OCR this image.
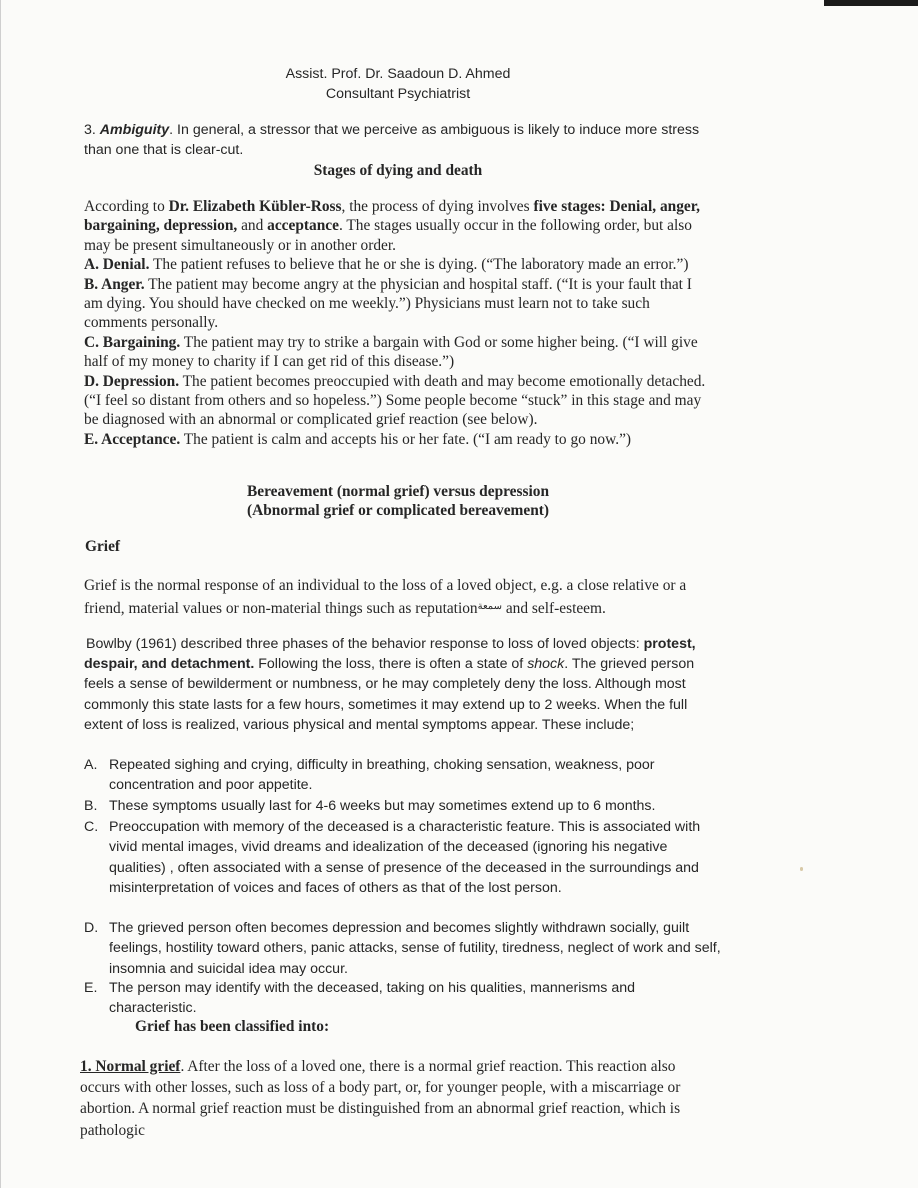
Assist. Prof. Dr. Saadoun D. Ahmed
Consultant Psychiatrist

3. Ambiguity. In general, a stressor that we perceive as ambiguous is likely to induce more stress than one that is clear-cut.

Stages of dying and death
According to Dr. Elizabeth Kübler-Ross, the process of dying involves five stages: Denial, anger, bargaining, depression, and acceptance. The stages usually occur in the following order, but also may be present simultaneously or in another order.
A. Denial. The patient refuses to believe that he or she is dying. (“The laboratory made an error.”)
B. Anger. The patient may become angry at the physician and hospital staff. (“It is your fault that I am dying. You should have checked on me weekly.”) Physicians must learn not to take such comments personally.
C. Bargaining. The patient may try to strike a bargain with God or some higher being. (“I will give half of my money to charity if I can get rid of this disease.”)
D. Depression. The patient becomes preoccupied with death and may become emotionally detached. (“I feel so distant from others and so hopeless.”) Some people become “stuck” in this stage and may be diagnosed with an abnormal or complicated grief reaction (see below).
E. Acceptance. The patient is calm and accepts his or her fate. (“I am ready to go now.”)
Bereavement (normal grief) versus depression
(Abnormal grief or complicated bereavement)
Grief
Grief is the normal response of an individual to the loss of a loved object, e.g. a close relative or a friend, material values or non-material things such as reputation$^{سمعة}$ and self-esteem.
Bowlby (1961) described three phases of the behavior response to loss of loved objects: protest, despair, and detachment. Following the loss, there is often a state of shock. The grieved person feels a sense of bewilderment or numbness, or he may completely deny the loss. Although most commonly this state lasts for a few hours, sometimes it may extend up to 2 weeks. When the full extent of loss is realized, various physical and mental symptoms appear. These include;
A. Repeated sighing and crying, difficulty in breathing, choking sensation, weakness, poor concentration and poor appetite.
B. These symptoms usually last for 4-6 weeks but may sometimes extend up to 6 months.
C. Preoccupation with memory of the deceased is a characteristic feature. This is associated with vivid mental images, vivid dreams and idealization of the deceased (ignoring his negative qualities) , often associated with a sense of presence of the deceased in the surroundings and misinterpretation of voices and faces of others as that of the lost person.
D. The grieved person often becomes depression and becomes slightly withdrawn socially, guilt feelings, hostility toward others, panic attacks, sense of futility, tiredness, neglect of work and self, insomnia and suicidal idea may occur.
E. The person may identify with the deceased, taking on his qualities, mannerisms and characteristic.
Grief has been classified into:
1. Normal grief. After the loss of a loved one, there is a normal grief reaction. This reaction also occurs with other losses, such as loss of a body part, or, for younger people, with a miscarriage or abortion. A normal grief reaction must be distinguished from an abnormal grief reaction, which is pathologic
